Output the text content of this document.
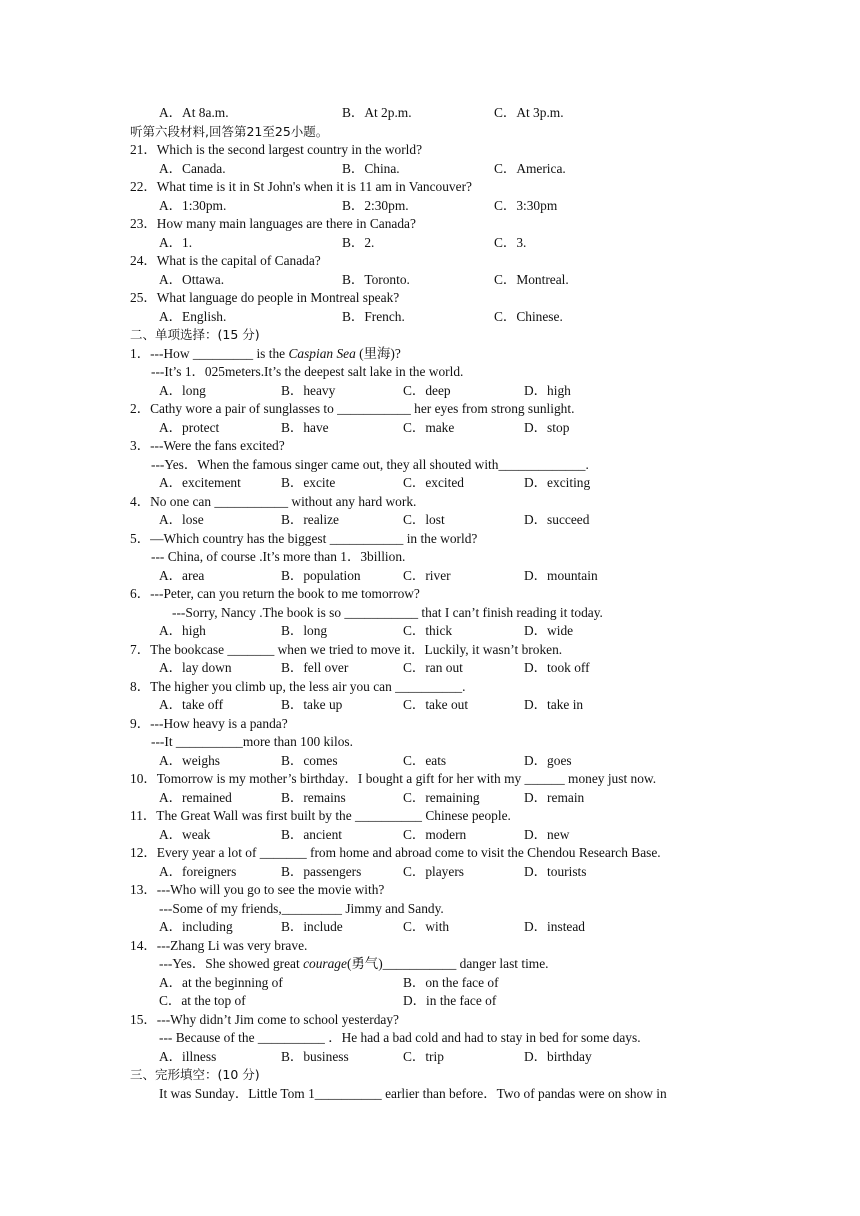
A．At 8a.m.	B．At 2p.m.	C．At 3p.m.
听第六段材料,回答第21至25小题。
21．Which is the second largest country in the world?
A．Canada.	B．China.	C．America.
22．What time is it in St John's when it is 11 am in Vancouver?
A．1:30pm.	B．2:30pm.	C．3:30pm
23．How many main languages are there in Canada?
A．1.	B．2.	C．3.
24．What is the capital of Canada?
A．Ottawa.	B．Toronto.	C．Montreal.
25．What language do people in Montreal speak?
A．English.	B．French.	C．Chinese.
二、单项选择：(15 分)
1．---How _________ is the Caspian Sea (里海)?
---It’s 1．025meters.It’s the deepest salt lake in the world.
A．long	B．heavy	C．deep	D．high
2．Cathy wore a pair of sunglasses to ___________ her eyes from strong sunlight.
A．protect	B．have	C．make	D．stop
3．---Were the fans excited?
---Yes．When the famous singer came out, they all shouted with_____________.
A．excitement	B．excite	C．excited	D．exciting
4．No one can ___________ without any hard work.
A．lose	B．realize	C．lost	D．succeed
5．—Which country has the biggest ___________ in the world?
--- China, of course .It’s more than 1．3billion.
A．area	B．population	C．river	D．mountain
6．---Peter, can you return the book to me tomorrow?
---Sorry, Nancy .The book is so ___________ that I can’t finish reading it today.
A．high	B．long	C．thick	D．wide
7．The bookcase _______ when we tried to move it．Luckily, it wasn’t broken.
A．lay down	B．fell over	C．ran out	D．took off
8．The higher you climb up, the less air you can __________.
A．take off	B．take up	C．take out	D．take in
9．---How heavy is a panda?
---It __________more than 100 kilos.
A．weighs	B．comes	C．eats	D．goes
10．Tomorrow is my mother’s birthday．I bought a gift for her with my ______ money just now.
A．remained	B．remains	C．remaining	D．remain
11．The Great Wall was first built by the __________ Chinese people.
A．weak	B．ancient	C．modern	D．new
12．Every year a lot of _______ from home and abroad come to visit the Chendou Research Base.
A．foreigners	B．passengers	C．players	D．tourists
13．---Who will you go to see the movie with?
---Some of my friends,_________ Jimmy and Sandy.
A．including	B．include	C．with	D．instead
14．---Zhang Li was very brave.
---Yes．She showed great courage(勇气)___________ danger last time.
A．at the beginning of	B．on the face of
C．at the top of	D．in the face of
15．---Why didn’t Jim come to school yesterday?
--- Because of the __________ ．He had a bad cold and had to stay in bed for some days.
A．illness	B．business	C．trip	D．birthday
三、完形填空：(10 分)
It was Sunday．Little Tom 1__________ earlier than before．Two of pandas were on show in
